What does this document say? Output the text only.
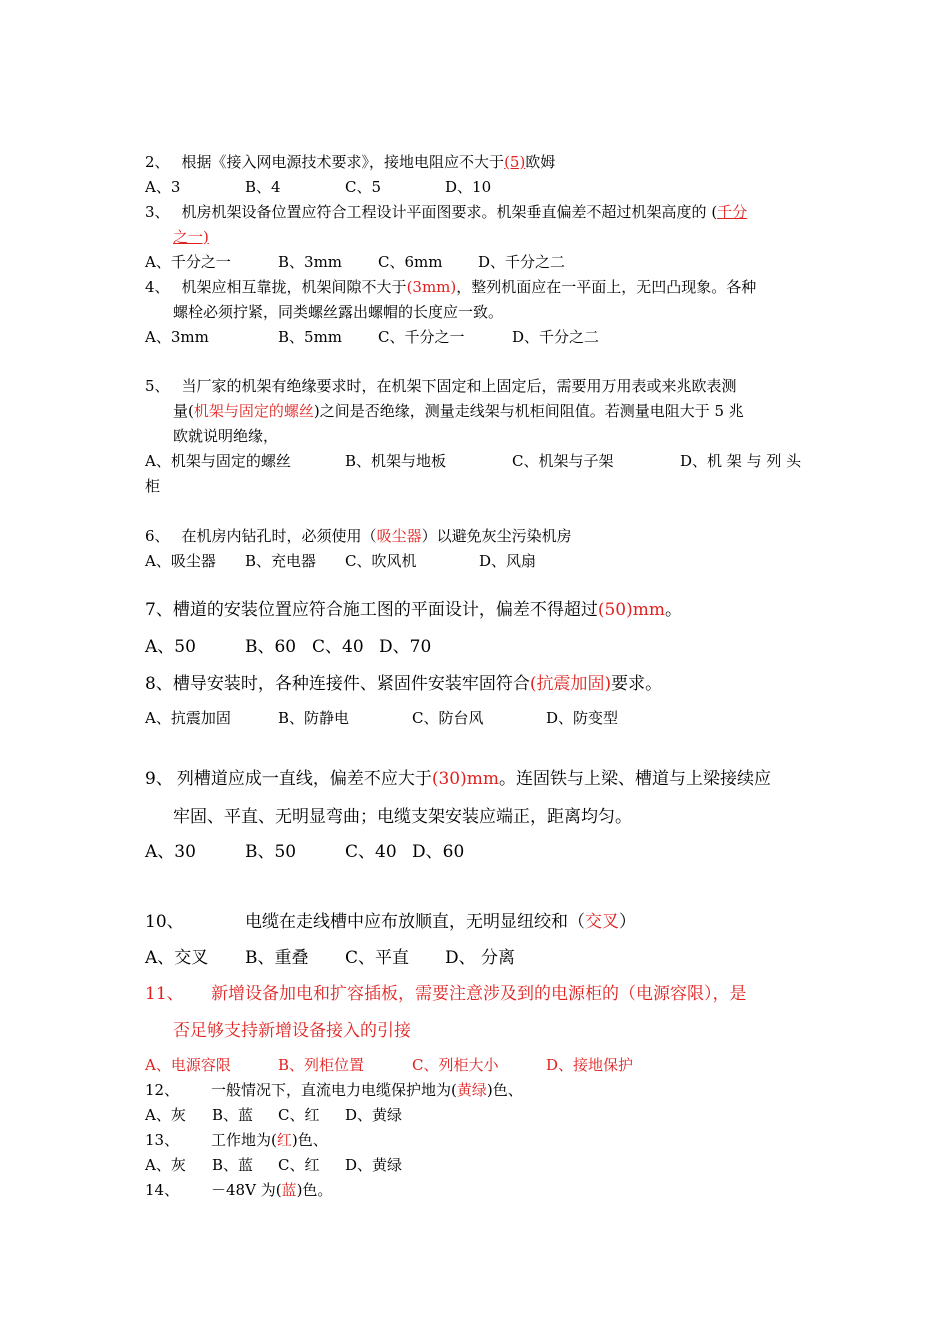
2、 根据《接入网电源技术要求》，接地电阻应不大于(5)欧姆
A、3	B、4	C、5	D、10
3、 机房机架设备位置应符合工程设计平面图要求。机架垂直偏差不超过机架高度的 (千分
之一)
A、千分之一	B、3mm C、6mm D、千分之二
4、 机架应相互靠拢，机架间隙不大于(3mm)，整列机面应在一平面上，无凹凸现象。各种
螺栓必须拧紧，同类螺丝露出螺帽的长度应一致。
A、3mm	B、5mm C、千分之一	D、千分之二
5、 当厂家的机架有绝缘要求时，在机架下固定和上固定后，需要用万用表或来兆欧表测
量(机架与固定的螺丝)之间是否绝缘，测量走线架与机柜间阻值。若测量电阻大于 5 兆
欧就说明绝缘，
A、机架与固定的螺丝	B、机架与地板	C、机架与子架	D、机 架 与 列 头
柜
6、 在机房内钻孔时，必须使用（吸尘器）以避免灰尘污染机房
A、吸尘器 B、充电器 C、吹风机	D、风扇
7、槽道的安装位置应符合施工图的平面设计，偏差不得超过(50)mm。
A、50	B、60 C、40 D、70
8、槽导安装时，各种连接件、紧固件安装牢固符合(抗震加固)要求。
A、抗震加固	B、防静电	C、防台风	D、防变型
9、 列槽道应成一直线，偏差不应大于(30)mm。连固铁与上梁、槽道与上梁接续应
牢固、平直、无明显弯曲；电缆支架安装应端正，距离均匀。
A、30	B、50	C、40 D、60
10、	电缆在走线槽中应布放顺直，无明显纽绞和（交叉）
A、交叉 B、重叠 C、平直 D、 分离
11、 新增设备加电和扩容插板，需要注意涉及到的电源柜的（电源容限），是
否足够支持新增设备接入的引接
A、电源容限	B、列柜位置	C、列柜大小	D、接地保护
12、 一般情况下，直流电力电缆保护地为(黄绿)色、
A、灰 B、蓝 C、红 D、黄绿
13、 工作地为(红)色、
A、灰 B、蓝 C、红 D、黄绿
14、 －48V 为(蓝)色。
